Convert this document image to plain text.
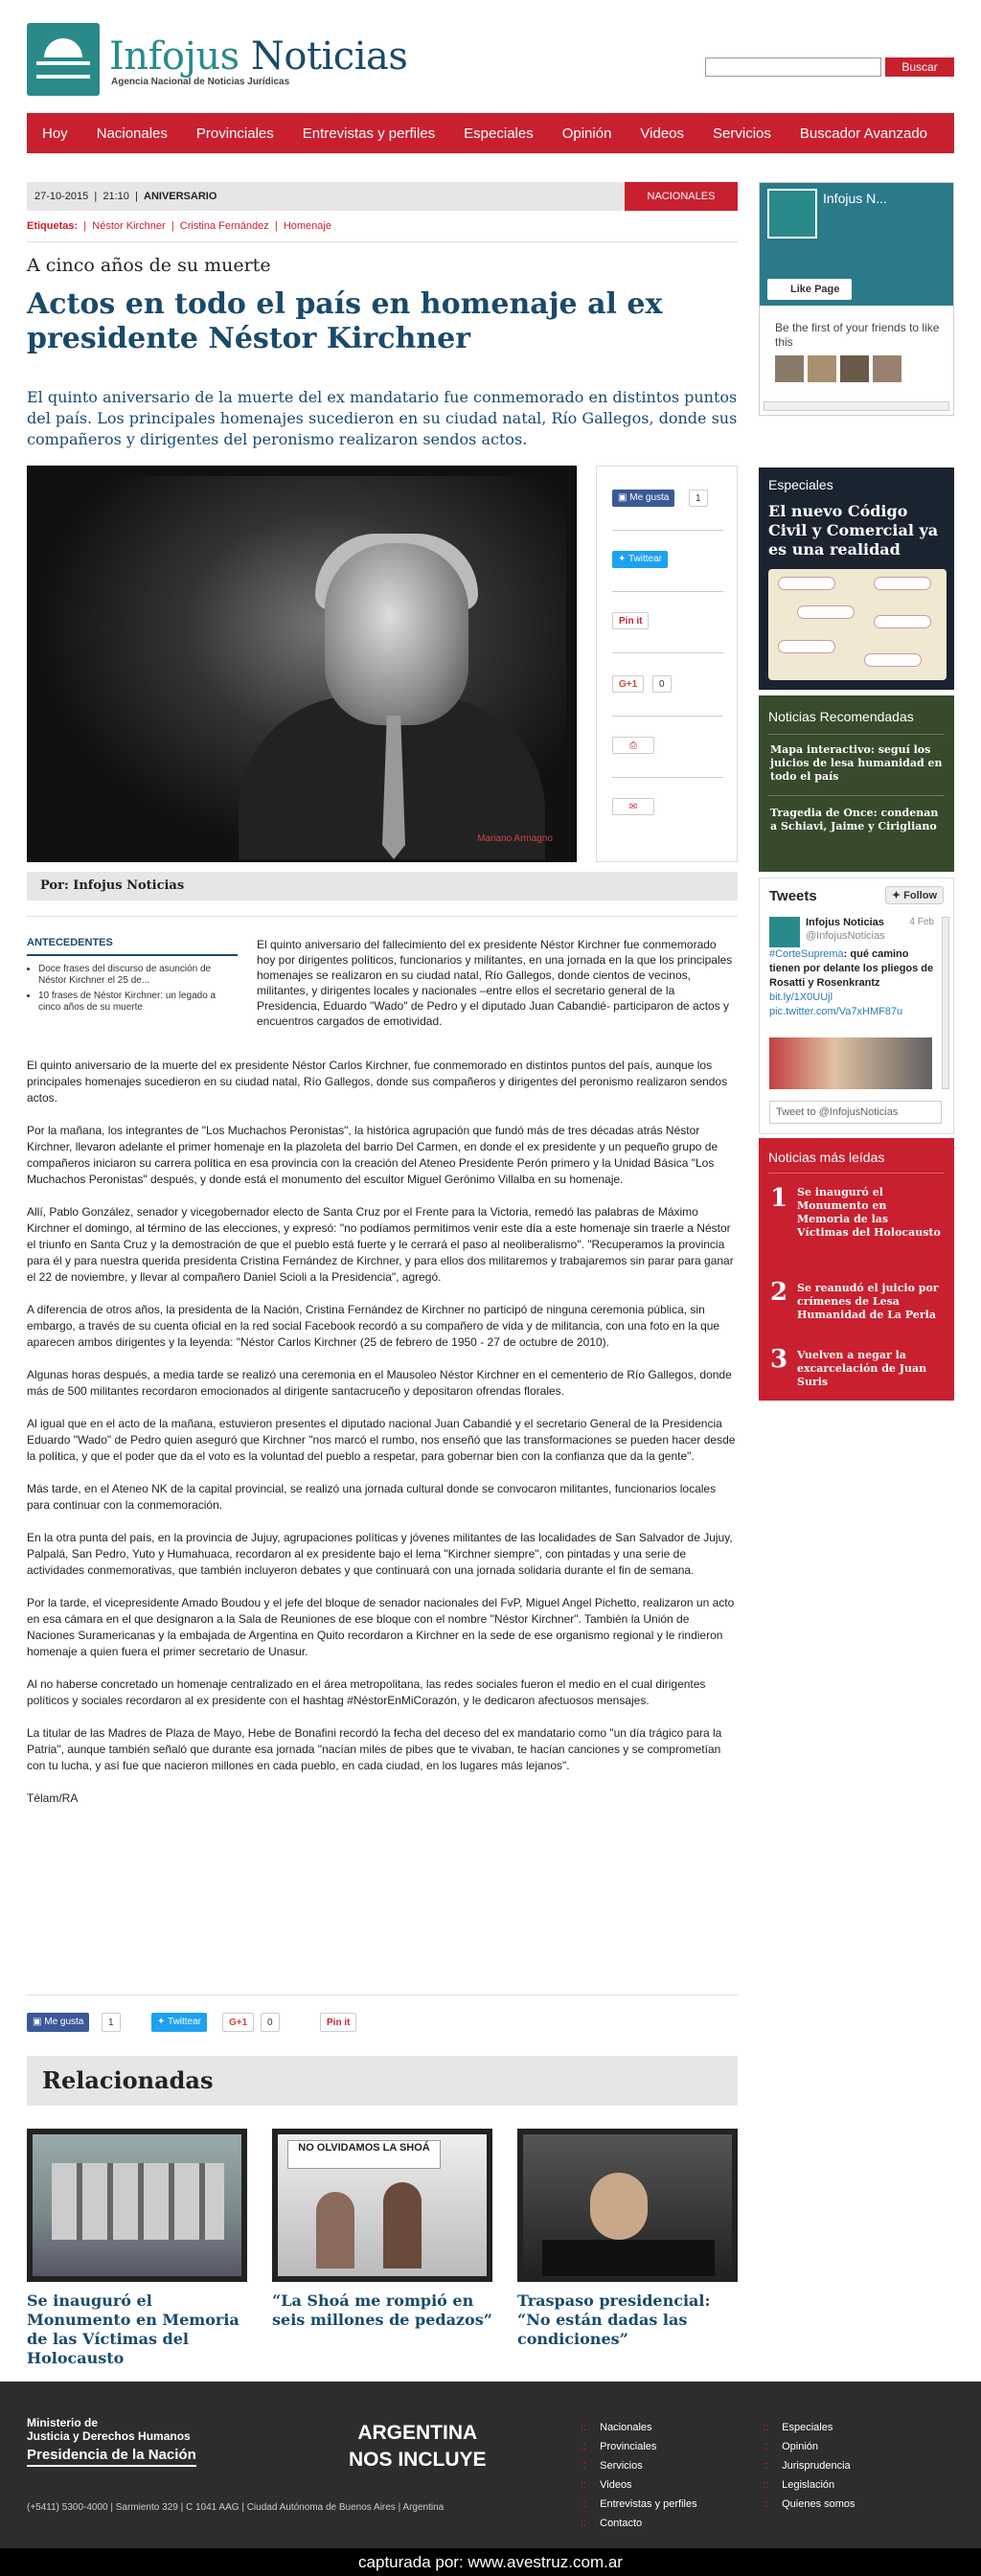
Infojus Noticias
Agencia Nacional de Noticias Jurídicas
Buscar
Hoy Nacionales Provinciales Entrevistas y perfiles Especiales Opinión Videos Servicios Buscador Avanzado
27-10-2015  |  21:10  |  ANIVERSARIO	NACIONALES
Etiquetas:  |  Néstor Kirchner  |  Cristina Fernández  |  Homenaje
A cinco años de su muerte
Actos en todo el país en homenaje al ex presidente Néstor Kirchner
El quinto aniversario de la muerte del ex mandatario fue conmemorado en distintos puntos del país. Los principales homenajes sucedieron en su ciudad natal, Río Gallegos, donde sus compañeros y dirigentes del peronismo realizaron sendos actos.
Mariano Armagno
▣ Me gusta	1
✦ Twittear
Pin it
G+1	0
⎙
✉
Por: Infojus Noticias
ANTECEDENTES
• Doce frases del discurso de asunción de Néstor Kirchner el 25 de...
• 10 frases de Néstor Kirchner: un legado a cinco años de su muerte
El quinto aniversario del fallecimiento del ex presidente Néstor Kirchner fue conmemorado hoy por dirigentes políticos, funcionarios y militantes, en una jornada en la que los principales homenajes se realizaron en su ciudad natal, Río Gallegos, donde cientos de vecinos, militantes, y dirigentes locales y nacionales –entre ellos el secretario general de la Presidencia, Eduardo "Wado" de Pedro y el diputado Juan Cabandié- participaron de actos y encuentros cargados de emotividad.

El quinto aniversario de la muerte del ex presidente Néstor Carlos Kirchner, fue conmemorado en distintos puntos del país, aunque los principales homenajes sucedieron en su ciudad natal, Río Gallegos, donde sus compañeros y dirigentes del peronismo realizaron sendos actos.

Por la mañana, los integrantes de "Los Muchachos Peronistas", la histórica agrupación que fundó más de tres décadas atrás Néstor Kirchner, llevaron adelante el primer homenaje en la plazoleta del barrio Del Carmen, en donde el ex presidente y un pequeño grupo de compañeros iniciaron su carrera política en esa provincia con la creación del Ateneo Presidente Perón primero y la Unidad Básica "Los Muchachos Peronistas" después, y donde está el monumento del escultor Miguel Gerónimo Villalba en su homenaje.

Allí, Pablo González, senador y vicegobernador electo de Santa Cruz por el Frente para la Victoria, remedó las palabras de Máximo Kirchner el domingo, al término de las elecciones, y expresó: "no podíamos permitimos venir este día a este homenaje sin traerle a Néstor el triunfo en Santa Cruz y la demostración de que el pueblo está fuerte y le cerrará el paso al neoliberalismo". "Recuperamos la provincia para él y para nuestra querida presidenta Cristina Fernández de Kirchner, y para ellos dos militaremos y trabajaremos sin parar para ganar el 22 de noviembre, y llevar al compañero Daniel Scioli a la Presidencia", agregó.

A diferencia de otros años, la presidenta de la Nación, Cristina Fernández de Kirchner no participó de ninguna ceremonia pública, sin embargo, a través de su cuenta oficial en la red social Facebook recordó a su compañero de vida y de militancia, con una foto en la que aparecen ambos dirigentes y la leyenda: "Néstor Carlos Kirchner (25 de febrero de 1950 - 27 de octubre de 2010).

Algunas horas después, a media tarde se realizó una ceremonia en el Mausoleo Néstor Kirchner en el cementerio de Río Gallegos, donde más de 500 militantes recordaron emocionados al dirigente santacruceño y depositaron ofrendas florales.

Al igual que en el acto de la mañana, estuvieron presentes el diputado nacional Juan Cabandié y el secretario General de la Presidencia Eduardo "Wado" de Pedro quien aseguró que Kirchner "nos marcó el rumbo, nos enseñó que las transformaciones se pueden hacer desde la política, y que el poder que da el voto es la voluntad del pueblo a respetar, para gobernar bien con la confianza que da la gente".

Más tarde, en el Ateneo NK de la capital provincial, se realizó una jornada cultural donde se convocaron militantes, funcionarios locales para continuar con la conmemoración.

En la otra punta del país, en la provincia de Jujuy, agrupaciones políticas y jóvenes militantes de las localidades de San Salvador de Jujuy, Palpalá, San Pedro, Yuto y Humahuaca, recordaron al ex presidente bajo el lema "Kirchner siempre", con pintadas y una serie de actividades conmemorativas, que también incluyeron debates y que continuará con una jornada solidaria durante el fin de semana.

Por la tarde, el vicepresidente Amado Boudou y el jefe del bloque de senador nacionales del FvP, Miguel Angel Pichetto, realizaron un acto en esa cámara en el que designaron a la Sala de Reuniones de ese bloque con el nombre "Néstor Kirchner". También la Unión de Naciones Suramericanas y la embajada de Argentina en Quito recordaron a Kirchner en la sede de ese organismo regional y le rindieron homenaje a quien fuera el primer secretario de Unasur.

Al no haberse concretado un homenaje centralizado en el área metropolitana, las redes sociales fueron el medio en el cual dirigentes políticos y sociales recordaron al ex presidente con el hashtag #NéstorEnMiCorazón, y le dedicaron afectuosos mensajes.

La titular de las Madres de Plaza de Mayo, Hebe de Bonafini recordó la fecha del deceso del ex mandatario como "un día trágico para la Patria", aunque también señaló que durante esa jornada "nacían miles de pibes que te vivaban, te hacían canciones y se comprometían con tu lucha, y así fue que nacieron millones en cada pueblo, en cada ciudad, en los lugares más lejanos".

Télam/RA

▣ Me gusta	1	✦ Twittear	G+1	0	Pin it
Relacionadas
NO OLVIDAMOS LA SHOÁ
Se inauguró el Monumento en Memoria de las Víctimas del Holocausto
“La Shoá me rompió en seis millones de pedazos”
Traspaso presidencial: “No están dadas las condiciones”
Infojus N...
Like Page
Be the first of your friends to like this
Especiales
El nuevo Código Civil y Comercial ya es una realidad
Noticias Recomendadas
Mapa interactivo: seguí los juicios de lesa humanidad en todo el país
Tragedia de Once: condenan a Schiavi, Jaime y Cirigliano
Tweets	✦ Follow
Infojus Noticias
@InfojusNoticias
4 Feb
#CorteSuprema: qué camino tienen por delante los pliegos de Rosatti y Rosenkrantz bit.ly/1X0UUjl pic.twitter.com/Va7xHMF87u
Tweet to @InfojusNoticias
Noticias más leídas
1 Se inauguró el Monumento en Memoria de las Víctimas del Holocausto
2 Se reanudó el juicio por crímenes de Lesa Humanidad de La Perla
3 Vuelven a negar la excarcelación de Juan Suris
Ministerio de
Justicia y Derechos Humanos
Presidencia de la Nación
ARGENTINA
NOS INCLUYE
(+5411) 5300-4000 | Sarmiento 329 | C 1041 AAG | Ciudad Autónoma de Buenos Aires | Argentina
:: Nacionales
:: Provinciales
:: Servicios
:: Videos
:: Entrevistas y perfiles
:: Contacto
:: Especiales
:: Opinión
:: Jurisprudencia
:: Legislación
:: Quienes somos
capturada por: www.avestruz.com.ar
